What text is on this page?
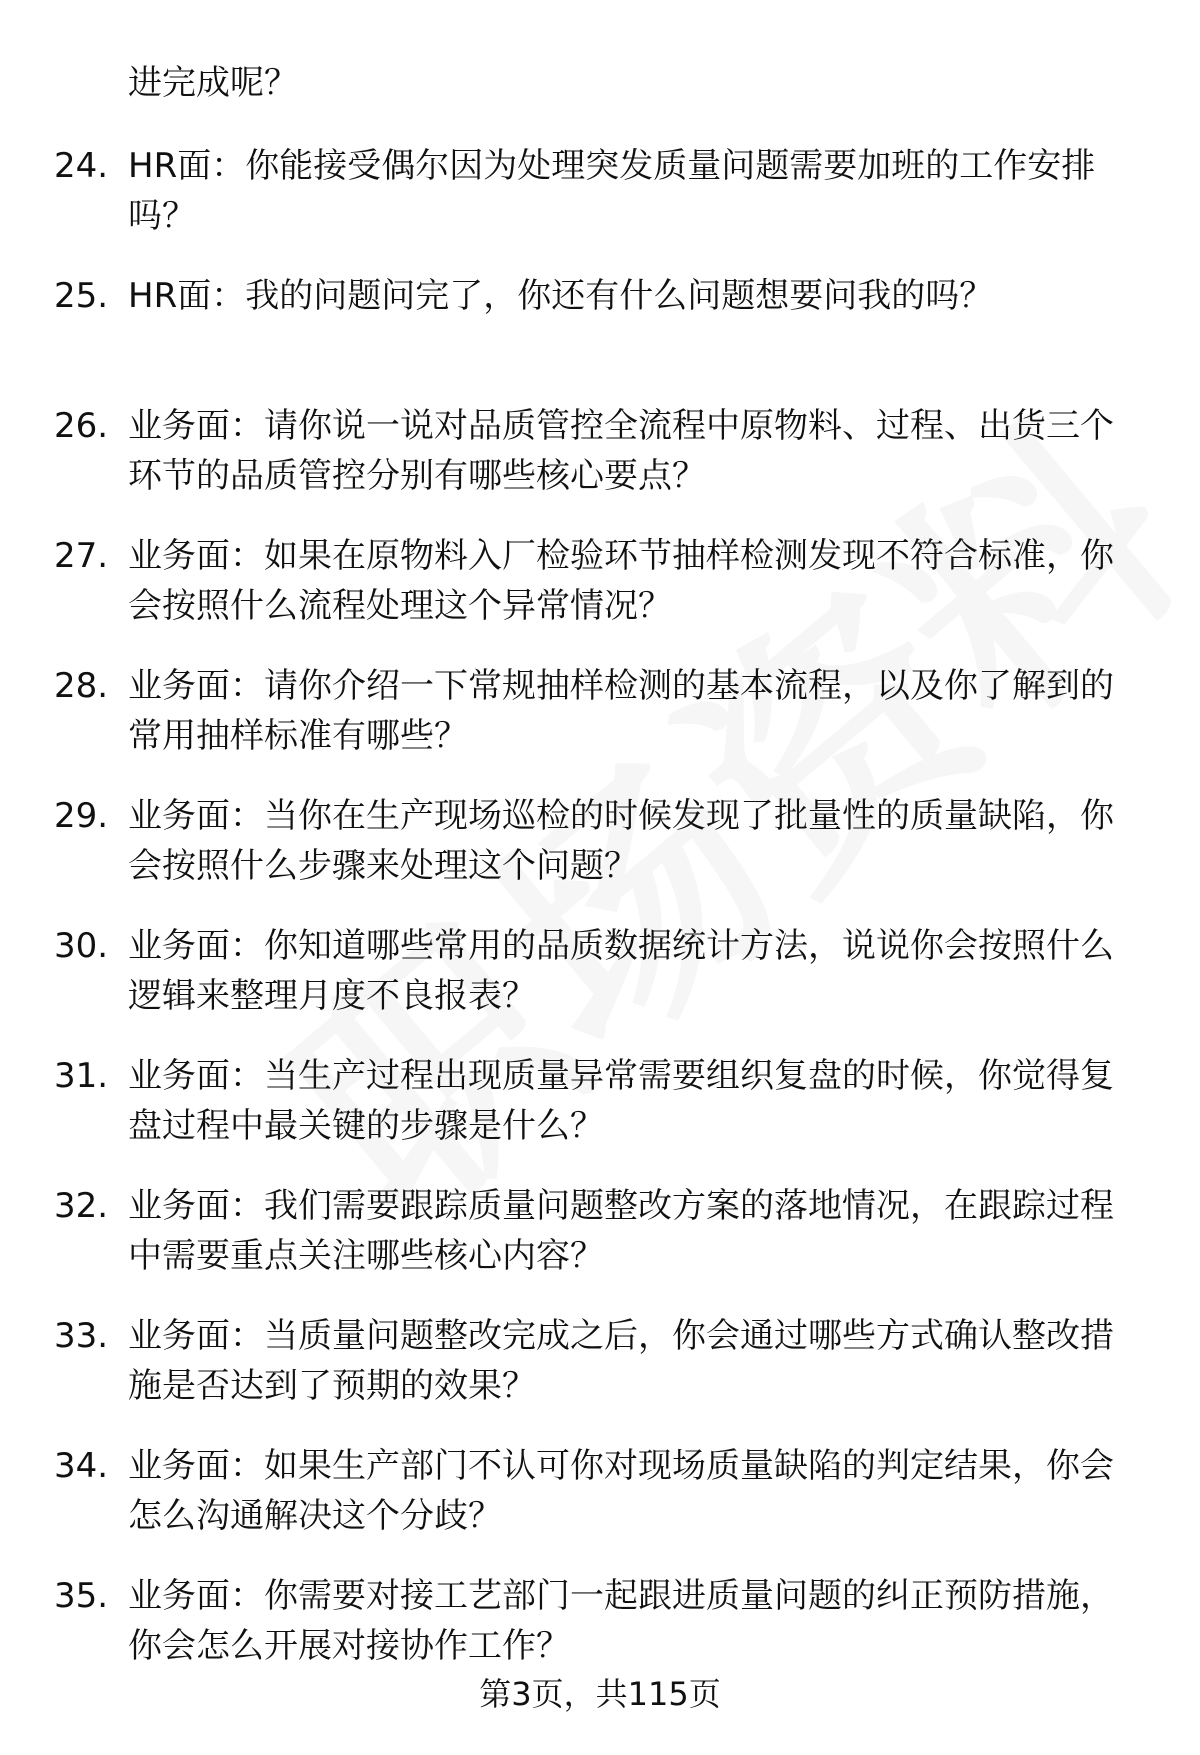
进完成呢？
24. HR面：你能接受偶尔因为处理突发质量问题需要加班的工作安排吗？
25. HR面：我的问题问完了，你还有什么问题想要问我的吗？
26. 业务面：请你说一说对品质管控全流程中原物料、过程、出货三个环节的品质管控分别有哪些核心要点？
27. 业务面：如果在原物料入厂检验环节抽样检测发现不符合标准，你会按照什么流程处理这个异常情况？
28. 业务面：请你介绍一下常规抽样检测的基本流程，以及你了解到的常用抽样标准有哪些？
29. 业务面：当你在生产现场巡检的时候发现了批量性的质量缺陷，你会按照什么步骤来处理这个问题？
30. 业务面：你知道哪些常用的品质数据统计方法，说说你会按照什么逻辑来整理月度不良报表？
31. 业务面：当生产过程出现质量异常需要组织复盘的时候，你觉得复盘过程中最关键的步骤是什么？
32. 业务面：我们需要跟踪质量问题整改方案的落地情况，在跟踪过程中需要重点关注哪些核心内容？
33. 业务面：当质量问题整改完成之后，你会通过哪些方式确认整改措施是否达到了预期的效果？
34. 业务面：如果生产部门不认可你对现场质量缺陷的判定结果，你会怎么沟通解决这个分歧？
35. 业务面：你需要对接工艺部门一起跟进质量问题的纠正预防措施，你会怎么开展对接协作工作？
第3页，共115页
